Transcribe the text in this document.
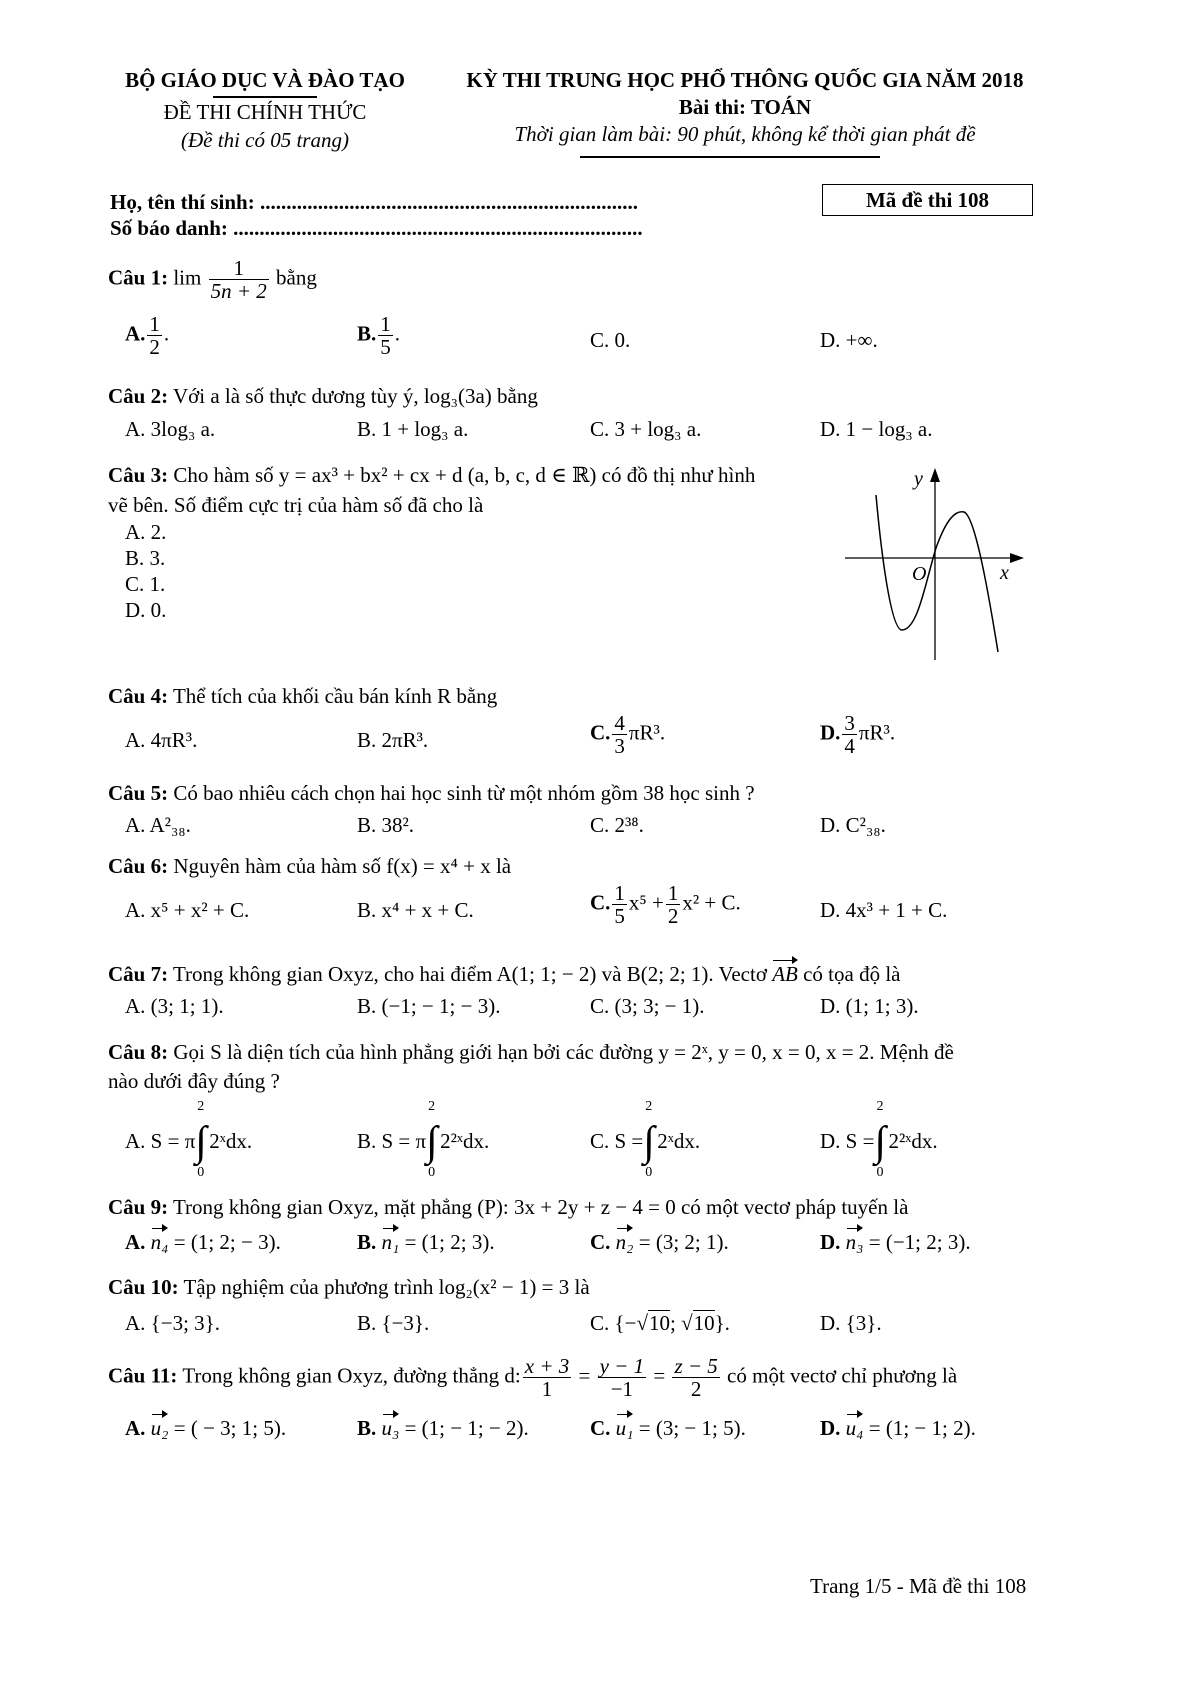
BỘ GIÁO DỤC VÀ ĐÀO TẠO
ĐỀ THI CHÍNH THỨC
(Đề thi có 05 trang)
KỲ THI TRUNG HỌC PHỔ THÔNG QUỐC GIA NĂM 2018
Bài thi: TOÁN
Thời gian làm bài: 90 phút, không kể thời gian phát đề
Họ, tên thí sinh: ........................................................................
Số báo danh: ..............................................................................
Mã đề thi 108
Câu 1: $\lim \frac{1}{5n + 2}$ bằng
A. $\frac{1}{2}$ .	B. $\frac{1}{5}$ .	C. 0.	D. +∞.
Câu 2: Với a là số thực dương tùy ý, log₃(3a) bằng
A. 3log₃ a.	B. 1 + log₃ a.	C. 3 + log₃ a.	D. 1 − log₃ a.
Câu 3: Cho hàm số y = ax³ + bx² + cx + d (a, b, c, d ∈ ℝ) có đồ thị như hình
vẽ bên. Số điểm cực trị của hàm số đã cho là
A. 2.
B. 3.
C. 1.
D. 0.
y
x
O
Câu 4: Thể tích của khối cầu bán kính R bằng
A. 4πR³.	B. 2πR³.	C. $\frac{4}{3} \pi R^3$.	D. $\frac{3}{4} \pi R^3$.
Câu 5: Có bao nhiêu cách chọn hai học sinh từ một nhóm gồm 38 học sinh ?
A. A²₃₈.	B. 38².	C. 2³⁸.	D. C²₃₈.
Câu 6: Nguyên hàm của hàm số f(x) = x⁴ + x là
A. x⁵ + x² + C.	B. x⁴ + x + C.	C. $\frac{1}{5} x^5 + \frac{1}{2} x^2 + C$.	D. 4x³ + 1 + C.
Câu 7: Trong không gian Oxyz, cho hai điểm A(1; 1; − 2) và B(2; 2; 1). Vectơ AB có tọa độ là
A. (3; 1; 1).	B. (−1; − 1; − 3).	C. (3; 3; − 1).	D. (1; 1; 3).
Câu 8: Gọi S là diện tích của hình phẳng giới hạn bởi các đường y = 2ˣ, y = 0, x = 0, x = 2. Mệnh đề
nào dưới đây đúng ?
A. S = π
2
∫
0
2ˣdx.	B. S = π
2
∫
0
2²ˣdx.	C. S =
2
∫
0
2ˣdx.	D. S =
2
∫
0
2²ˣdx.
Câu 9: Trong không gian Oxyz, mặt phẳng (P): 3x + 2y + z − 4 = 0 có một vectơ pháp tuyến là
A. n₄ = (1; 2; − 3).	B. n₁ = (1; 2; 3).	C. n₂ = (3; 2; 1).	D. n₃ = (−1; 2; 3).
Câu 10: Tập nghiệm của phương trình log₂(x² − 1) = 3 là
A. {−3; 3}.	B. {−3}.	C. {−√10; √10}.	D. {3}.
Câu 11: Trong không gian Oxyz, đường thẳng d: $\frac{x + 3}{1} = \frac{y - 1}{-1} = \frac{z - 5}{2}$ có một vectơ chỉ phương là
A. u₂ = ( − 3; 1; 5).	B. u₃ = (1; − 1; − 2).	C. u₁ = (3; − 1; 5).	D. u₄ = (1; − 1; 2).
Trang 1/5 - Mã đề thi 108
